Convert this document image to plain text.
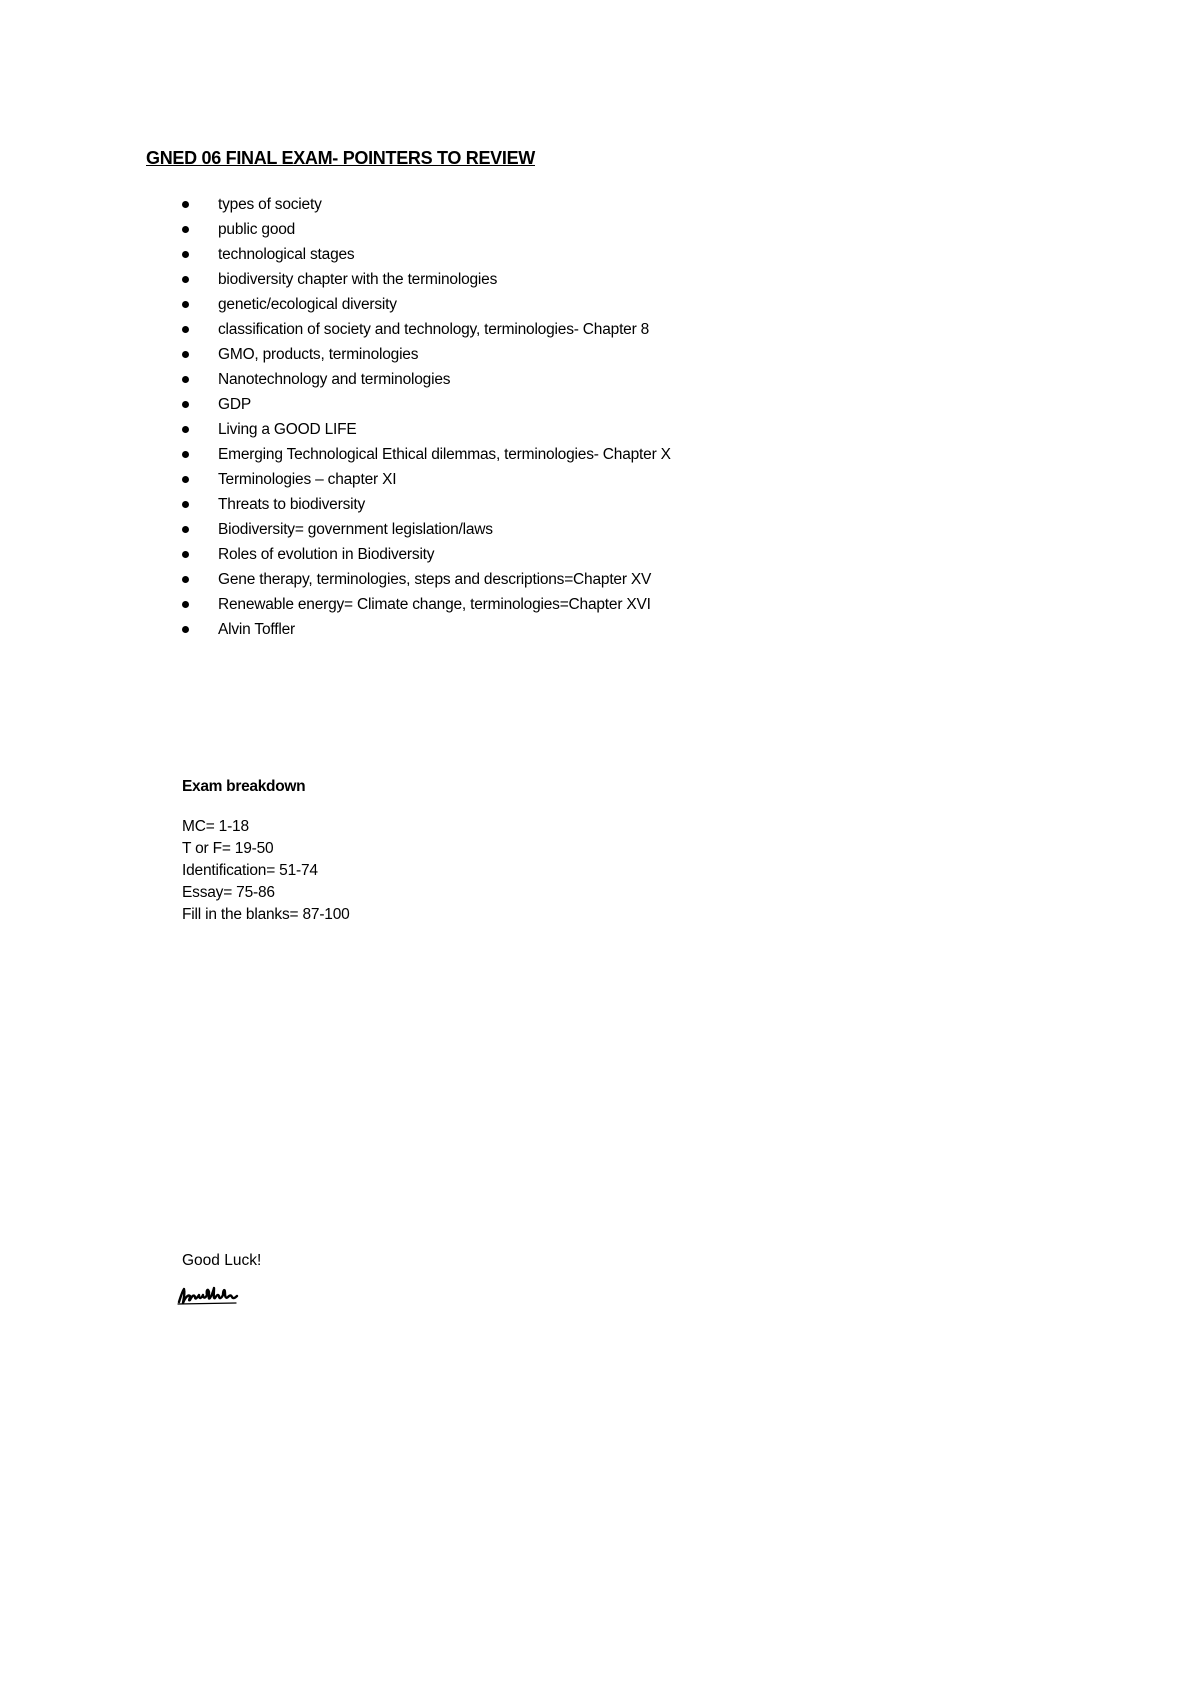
GNED 06 FINAL EXAM- POINTERS TO REVIEW
types of society
public good
technological stages
biodiversity chapter with the terminologies
genetic/ecological diversity
classification of society and technology, terminologies- Chapter 8
GMO, products, terminologies
Nanotechnology and terminologies
GDP
Living a GOOD LIFE
Emerging Technological Ethical dilemmas, terminologies- Chapter X
Terminologies – chapter XI
Threats to biodiversity
Biodiversity= government legislation/laws
Roles of evolution in Biodiversity
Gene therapy, terminologies, steps and descriptions=Chapter XV
Renewable energy= Climate change, terminologies=Chapter XVI
Alvin Toffler
Exam breakdown
MC= 1-18
T or F= 19-50
Identification= 51-74
Essay= 75-86
Fill in the blanks= 87-100
Good Luck!
